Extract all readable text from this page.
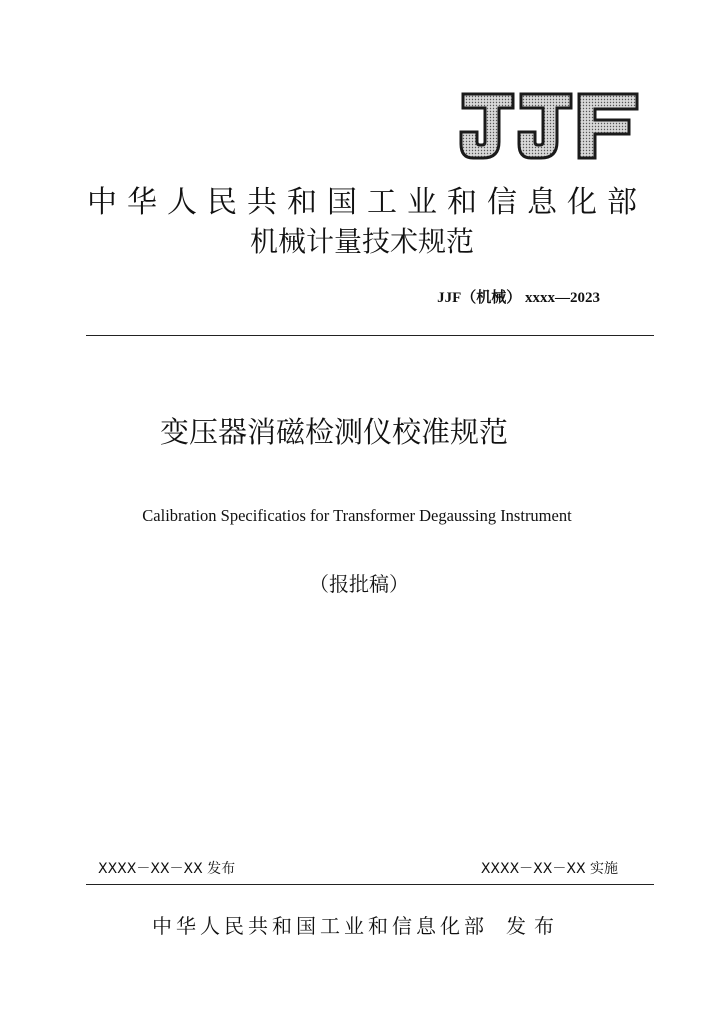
中华人民共和国工业和信息化部
机械计量技术规范
JJF（机械） xxxx—2023
变压器消磁检测仪校准规范
Calibration Specificatios for Transformer Degaussing Instrument
（报批稿）
XXXX－XX－XX 发布	XXXX－XX－XX 实施
中华人民共和国工业和信息化部 发布
